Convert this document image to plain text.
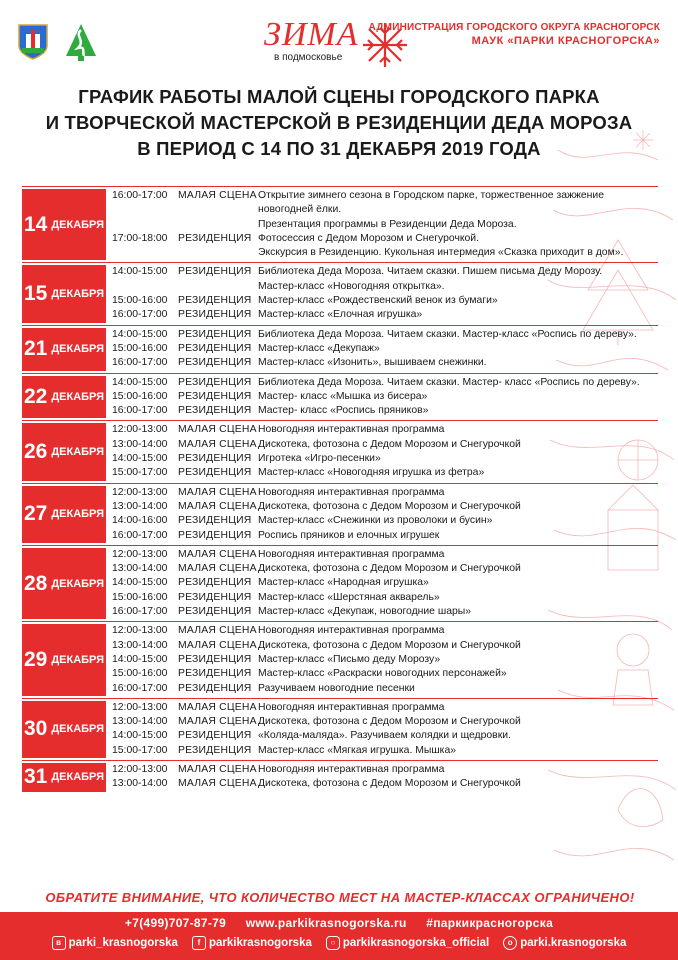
ЗИМА
в подмосковье
АДМИНИСТРАЦИЯ ГОРОДСКОГО ОКРУГА КРАСНОГОРСК
МАУК «ПАРКИ КРАСНОГОРСКА»
ГРАФИК РАБОТЫ МАЛОЙ СЦЕНЫ ГОРОДСКОГО ПАРКА
И ТВОРЧЕСКОЙ МАСТЕРСКОЙ В РЕЗИДЕНЦИИ ДЕДА МОРОЗА
В ПЕРИОД С 14 ПО 31 ДЕКАБРЯ 2019 ГОДА
14 ДЕКАБРЯ
16:00-17:00	МАЛАЯ СЦЕНА Открытие зимнего сезона в Городском парке, торжественное зажжение
новогодней ёлки.
Презентация программы в Резиденции Деда Мороза.
17:00-18:00	РЕЗИДЕНЦИЯ Фотосессия с Дедом Морозом и Снегурочкой.
Экскурсия в Резиденцию. Кукольная интермедия «Сказка приходит в дом».
15 ДЕКАБРЯ
14:00-15:00	РЕЗИДЕНЦИЯ Библиотека Деда Мороза. Читаем сказки. Пишем письма Деду Морозу.
Мастер-класс «Новогодняя открытка».
15:00-16:00	РЕЗИДЕНЦИЯ Мастер-класс «Рождественский венок из бумаги»
16:00-17:00	РЕЗИДЕНЦИЯ Мастер-класс «Елочная игрушка»
21 ДЕКАБРЯ
14:00-15:00	РЕЗИДЕНЦИЯ Библиотека Деда Мороза. Читаем сказки. Мастер-класс «Роспись по дереву».
15:00-16:00	РЕЗИДЕНЦИЯ Мастер-класс «Декупаж»
16:00-17:00	РЕЗИДЕНЦИЯ Мастер-класс «Изонить», вышиваем снежинки.
22 ДЕКАБРЯ
14:00-15:00	РЕЗИДЕНЦИЯ Библиотека Деда Мороза. Читаем сказки. Мастер- класс «Роспись по дереву».
15:00-16:00	РЕЗИДЕНЦИЯ Мастер- класс «Мышка из бисера»
16:00-17:00	РЕЗИДЕНЦИЯ Мастер- класс «Роспись пряников»
26 ДЕКАБРЯ
12:00-13:00	МАЛАЯ СЦЕНА Новогодняя интерактивная программа
13:00-14:00	МАЛАЯ СЦЕНА Дискотека, фотозона с Дедом Морозом и Снегурочкой
14:00-15:00	РЕЗИДЕНЦИЯ Игротека «Игро-песенки»
15:00-17:00	РЕЗИДЕНЦИЯ Мастер-класс «Новогодняя игрушка из фетра»
27 ДЕКАБРЯ
12:00-13:00	МАЛАЯ СЦЕНА Новогодняя интерактивная программа
13:00-14:00	МАЛАЯ СЦЕНА Дискотека, фотозона с Дедом Морозом и Снегурочкой
14:00-16:00	РЕЗИДЕНЦИЯ Мастер-класс «Снежинки из проволоки и бусин»
16:00-17:00	РЕЗИДЕНЦИЯ Роспись пряников и елочных игрушек
28 ДЕКАБРЯ
12:00-13:00	МАЛАЯ СЦЕНА Новогодняя интерактивная программа
13:00-14:00	МАЛАЯ СЦЕНА Дискотека, фотозона с Дедом Морозом и Снегурочкой
14:00-15:00	РЕЗИДЕНЦИЯ Мастер-класс «Народная игрушка»
15:00-16:00	РЕЗИДЕНЦИЯ Мастер-класс «Шерстяная акварель»
16:00-17:00	РЕЗИДЕНЦИЯ Мастер-класс «Декупаж, новогодние шары»
29 ДЕКАБРЯ
12:00-13:00	МАЛАЯ СЦЕНА Новогодняя интерактивная программа
13:00-14:00	МАЛАЯ СЦЕНА Дискотека, фотозона с Дедом Морозом и Снегурочкой
14:00-15:00	РЕЗИДЕНЦИЯ Мастер-класс «Письмо деду Морозу»
15:00-16:00	РЕЗИДЕНЦИЯ Мастер-класс «Раскраски новогодних персонажей»
16:00-17:00	РЕЗИДЕНЦИЯ Разучиваем новогодние песенки
30 ДЕКАБРЯ
12:00-13:00	МАЛАЯ СЦЕНА Новогодняя интерактивная программа
13:00-14:00	МАЛАЯ СЦЕНА Дискотека, фотозона с Дедом Морозом и Снегурочкой
14:00-15:00	РЕЗИДЕНЦИЯ «Коляда-маляда». Разучиваем колядки и щедровки.
15:00-17:00	РЕЗИДЕНЦИЯ Мастер-класс «Мягкая игрушка. Мышка»
31 ДЕКАБРЯ
12:00-13:00	МАЛАЯ СЦЕНА Новогодняя интерактивная программа
13:00-14:00	МАЛАЯ СЦЕНА Дискотека, фотозона с Дедом Морозом и Снегурочкой
ОБРАТИТЕ ВНИМАНИЕ, ЧТО КОЛИЧЕСТВО МЕСТ НА МАСТЕР-КЛАССАХ ОГРАНИЧЕНО!
+7(499)707-87-79 www.parkikrasnogorska.ru #паркикрасногорска
в parki_krasnogorska	f parkikrasnogorska	○ parkikrasnogorska_official	о parki.krasnogorska
